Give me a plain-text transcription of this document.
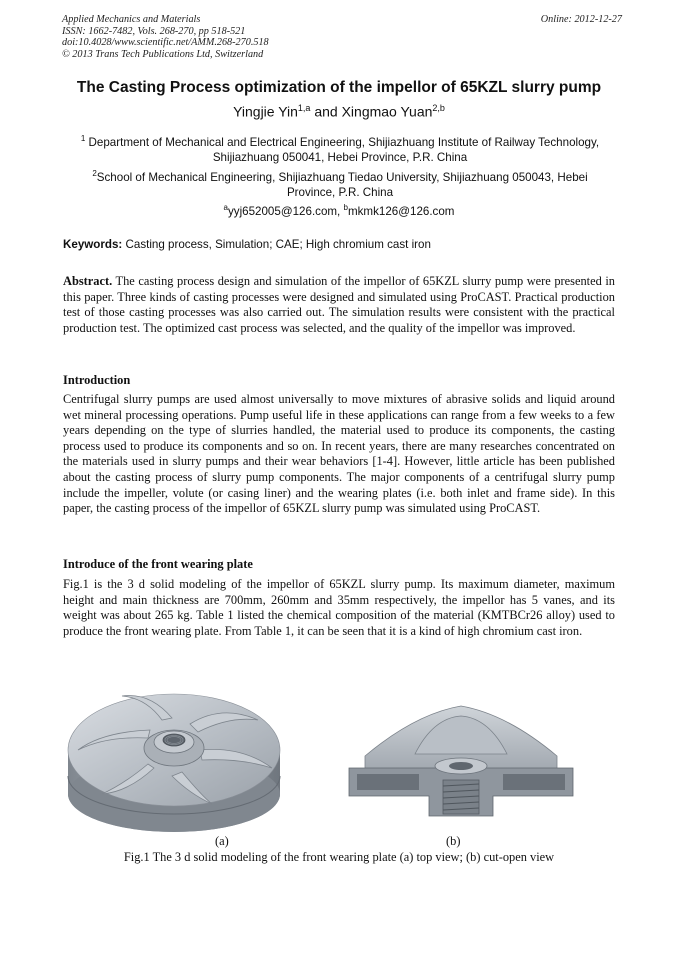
Applied Mechanics and Materials
ISSN: 1662-7482, Vols. 268-270, pp 518-521
doi:10.4028/www.scientific.net/AMM.268-270.518
© 2013 Trans Tech Publications Ltd, Switzerland
Online: 2012-12-27
The Casting Process optimization of the impellor of 65KZL slurry pump
Yingjie Yin$^{1,a}$ and Xingmao Yuan$^{2,b}$
$^1$ Department of Mechanical and Electrical Engineering, Shijiazhuang Institute of Railway Technology, Shijiazhuang 050041, Hebei Province, P.R. China
$^2$School of Mechanical Engineering, Shijiazhuang Tiedao University, Shijiazhuang 050043, Hebei Province, P.R. China
$^a$yyj652005@126.com, $^b$mkmk126@126.com
Keywords: Casting process, Simulation; CAE; High chromium cast iron
Abstract. The casting process design and simulation of the impellor of 65KZL slurry pump were presented in this paper. Three kinds of casting processes were designed and simulated using ProCAST. Practical production test of those casting processes was also carried out. The simulation results were consistent with the practical production test. The optimized cast process was selected, and the quality of the impellor was improved.
Introduction
Centrifugal slurry pumps are used almost universally to move mixtures of abrasive solids and liquid around wet mineral processing operations. Pump useful life in these applications can range from a few weeks to a few years depending on the type of slurries handled, the material used to produce its components, the casting process used to produce its components and so on. In recent years, there are many researches concentrated on the materials used in slurry pumps and their wear behaviors [1-4]. However, little article has been published about the casting process of slurry pump components. The major components of a centrifugal slurry pump include the impeller, volute (or casing liner) and the wearing plates (i.e. both inlet and frame side). In this paper, the casting process of the impellor of 65KZL slurry pump was simulated using ProCAST.
Introduce of the front wearing plate
Fig.1 is the 3 d solid modeling of the impellor of 65KZL slurry pump. Its maximum diameter, maximum height and main thickness are 700mm, 260mm and 35mm respectively, the impellor has 5 vanes, and its weight was about 265 kg. Table 1 listed the chemical composition of the material (KMTBCr26 alloy) used to produce the front wearing plate. From Table 1, it can be seen that it is a kind of high chromium cast iron.
(a)	(b)
Fig.1 The 3 d solid modeling of the front wearing plate (a) top view; (b) cut-open view
